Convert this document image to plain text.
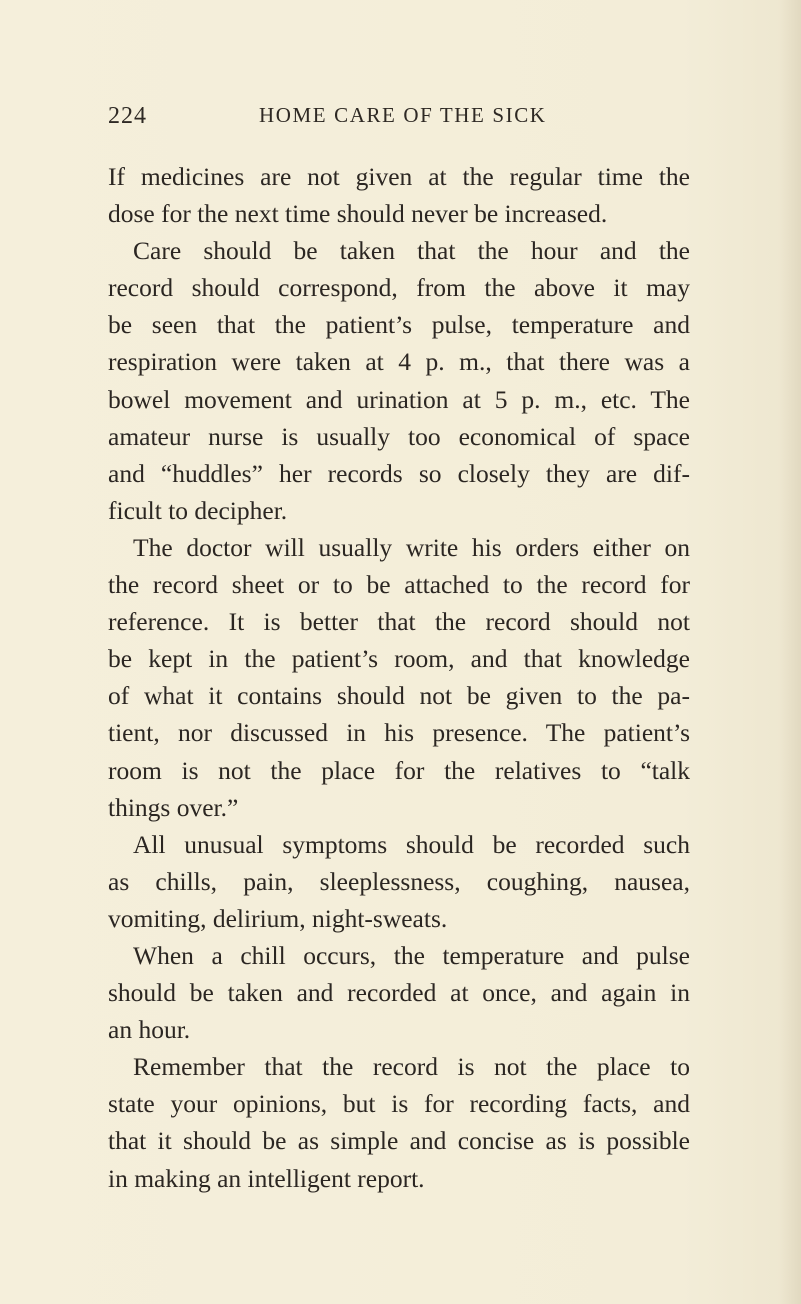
224	HOME CARE OF THE SICK
If medicines are not given at the regular time the
dose for the next time should never be increased.
Care should be taken that the hour and the
record should correspond, from the above it may
be seen that the patient’s pulse, temperature and
respiration were taken at 4 p. m., that there was a
bowel movement and urination at 5 p. m., etc. The
amateur nurse is usually too economical of space
and “huddles” her records so closely they are dif-
ficult to decipher.
The doctor will usually write his orders either on
the record sheet or to be attached to the record for
reference. It is better that the record should not
be kept in the patient’s room, and that knowledge
of what it contains should not be given to the pa-
tient, nor discussed in his presence. The patient’s
room is not the place for the relatives to “talk
things over.”
All unusual symptoms should be recorded such
as chills, pain, sleeplessness, coughing, nausea,
vomiting, delirium, night-sweats.
When a chill occurs, the temperature and pulse
should be taken and recorded at once, and again in
an hour.
Remember that the record is not the place to
state your opinions, but is for recording facts, and
that it should be as simple and concise as is possible
in making an intelligent report.
